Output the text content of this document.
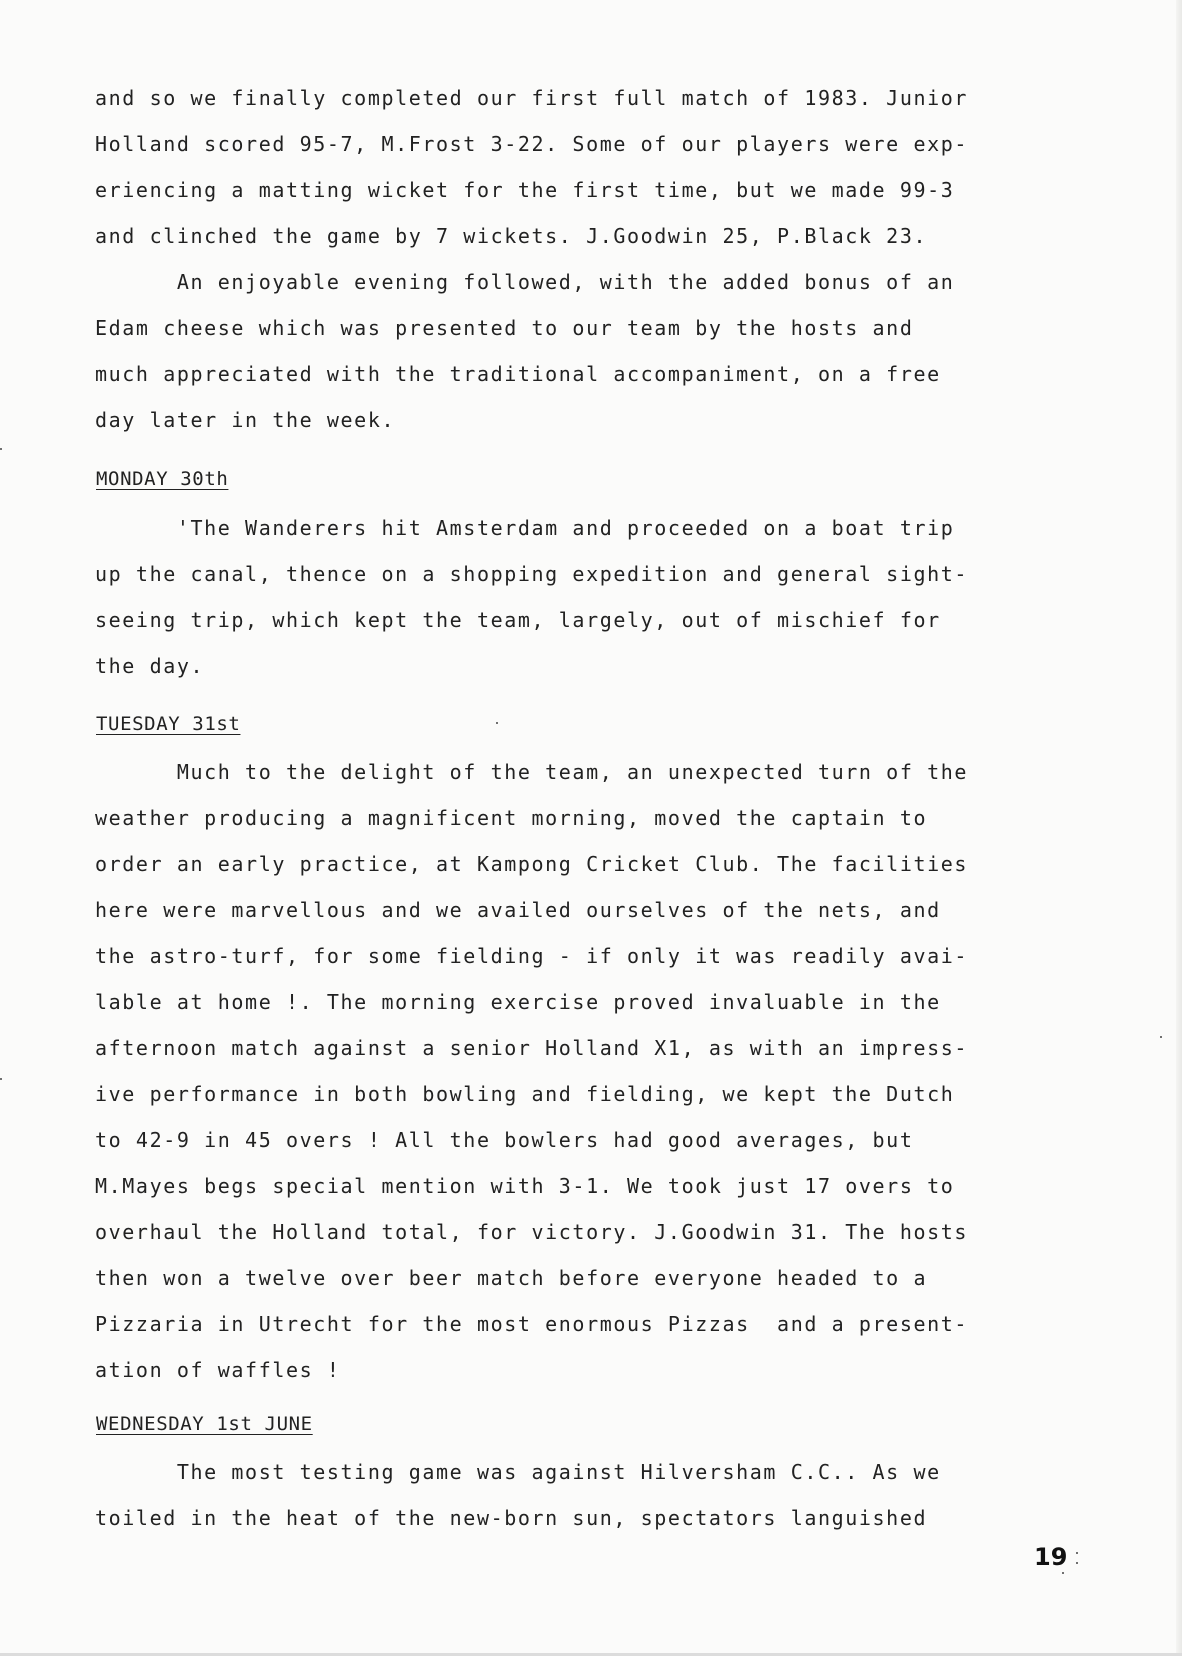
and so we finally completed our first full match of 1983. Junior
Holland scored 95-7, M.Frost 3-22. Some of our players were exp-
eriencing a matting wicket for the first time, but we made 99-3
and clinched the game by 7 wickets. J.Goodwin 25, P.Black 23.
An enjoyable evening followed, with the added bonus of an
Edam cheese which was presented to our team by the hosts and
much appreciated with the traditional accompaniment, on a free
day later in the week.
MONDAY 30th
'The Wanderers hit Amsterdam and proceeded on a boat trip
up the canal, thence on a shopping expedition and general sight-
seeing trip, which kept the team, largely, out of mischief for
the day.
TUESDAY 31st
Much to the delight of the team, an unexpected turn of the
weather producing a magnificent morning, moved the captain to
order an early practice, at Kampong Cricket Club. The facilities
here were marvellous and we availed ourselves of the nets, and
the astro-turf, for some fielding - if only it was readily avai-
lable at home !. The morning exercise proved invaluable in the
afternoon match against a senior Holland X1, as with an impress-
ive performance in both bowling and fielding, we kept the Dutch
to 42-9 in 45 overs ! All the bowlers had good averages, but
M.Mayes begs special mention with 3-1. We took just 17 overs to
overhaul the Holland total, for victory. J.Goodwin 31. The hosts
then won a twelve over beer match before everyone headed to a
Pizzaria in Utrecht for the most enormous Pizzas  and a present-
ation of waffles !
WEDNESDAY 1st JUNE
The most testing game was against Hilversham C.C.. As we
toiled in the heat of the new-born sun, spectators languished
19
